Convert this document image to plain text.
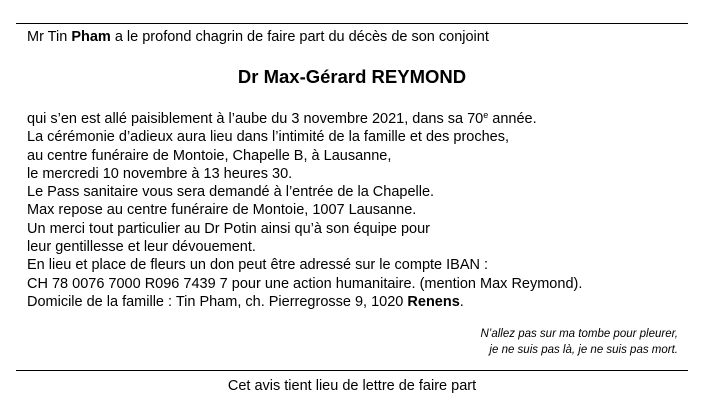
Mr Tin Pham a le profond chagrin de faire part du décès de son conjoint
Dr Max-Gérard REYMOND
qui s’en est allé paisiblement à l’aube du 3 novembre 2021, dans sa 70e année.
La cérémonie d’adieux aura lieu dans l’intimité de la famille et des proches,
au centre funéraire de Montoie, Chapelle B, à Lausanne,
le mercredi 10 novembre à 13 heures 30.
Le Pass sanitaire vous sera demandé à l’entrée de la Chapelle.
Max repose au centre funéraire de Montoie, 1007 Lausanne.
Un merci tout particulier au Dr Potin ainsi qu’à son équipe pour
leur gentillesse et leur dévouement.
En lieu et place de fleurs un don peut être adressé sur le compte IBAN :
CH 78 0076 7000 R096 7439 7 pour une action humanitaire. (mention Max Reymond).
Domicile de la famille : Tin Pham, ch. Pierregrosse 9, 1020 Renens.
N’allez pas sur ma tombe pour pleurer,
je ne suis pas là, je ne suis pas mort.
Cet avis tient lieu de lettre de faire part
